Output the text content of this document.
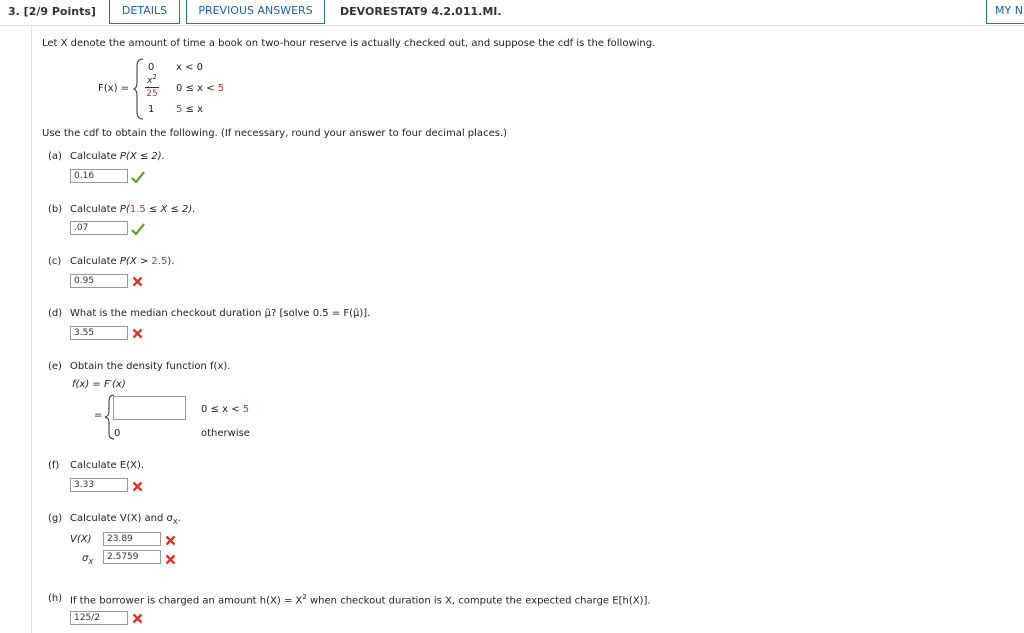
3. [2/9 Points]	DETAILS	PREVIOUS ANSWERS	DEVORESTAT9 4.2.011.MI.	MY N
Let X denote the amount of time a book on two-hour reserve is actually checked out, and suppose the cdf is the following.
F(x) =
0 x < 0
$x^2$
25	0 ≤ x < 5
1 5 ≤ x
Use the cdf to obtain the following. (If necessary, round your answer to four decimal places.)
(a) Calculate P(X ≤ 2).
0.16
(b) Calculate P(1.5 ≤ X ≤ 2).
.07
(c) Calculate P(X > 2.5).
0.95
(d) What is the median checkout duration μ̃? [solve 0.5 = F(μ̃)].
3.55
(e) Obtain the density function f(x).
f(x) = F′(x)
=
0 ≤ x < 5
0	otherwise
(f) Calculate E(X).
3.33
(g) Calculate V(X) and $\sigma_X$.
V(X)
23.89
$\sigma_X$
2.5759
(h) If the borrower is charged an amount $h(X) = X^2$ when checkout duration is X, compute the expected charge E[h(X)].
125/2
